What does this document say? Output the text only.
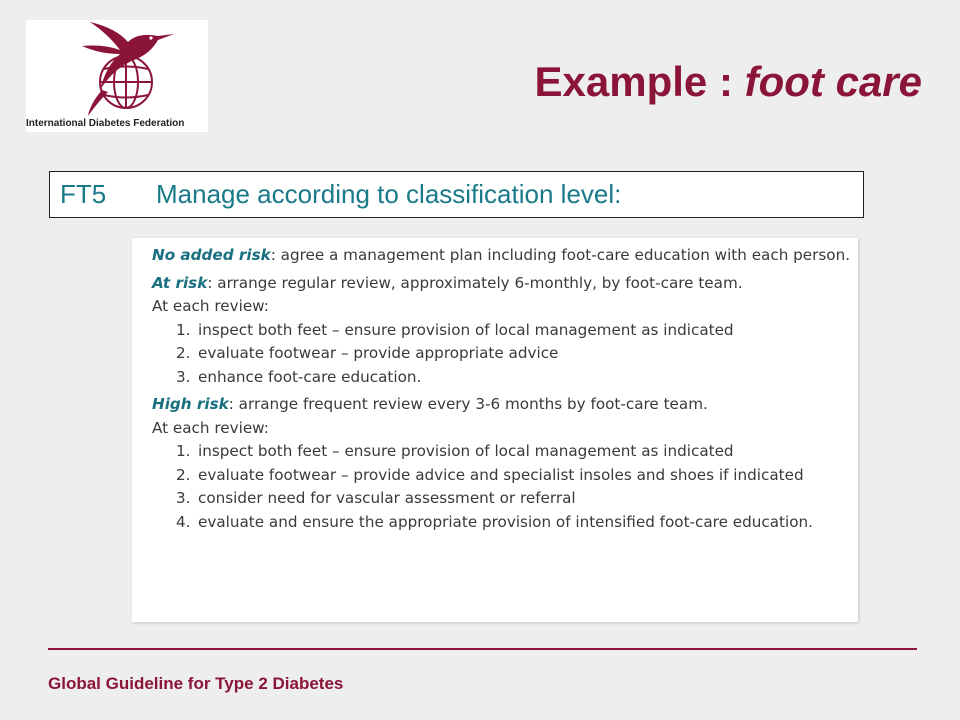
International Diabetes Federation
Example : foot care
FT5	Manage according to classification level:

No added risk: agree a management plan including foot-care education with each person.

At risk: arrange regular review, approximately 6-monthly, by foot-care team.

At each review:

1. inspect both feet – ensure provision of local management as indicated
2. evaluate footwear – provide appropriate advice
3. enhance foot-care education.

High risk: arrange frequent review every 3-6 months by foot-care team.

At each review:

1. inspect both feet – ensure provision of local management as indicated
2. evaluate footwear – provide advice and specialist insoles and shoes if indicated
3. consider need for vascular assessment or referral
4. evaluate and ensure the appropriate provision of intensified foot-care education.
Global Guideline for Type 2 Diabetes
